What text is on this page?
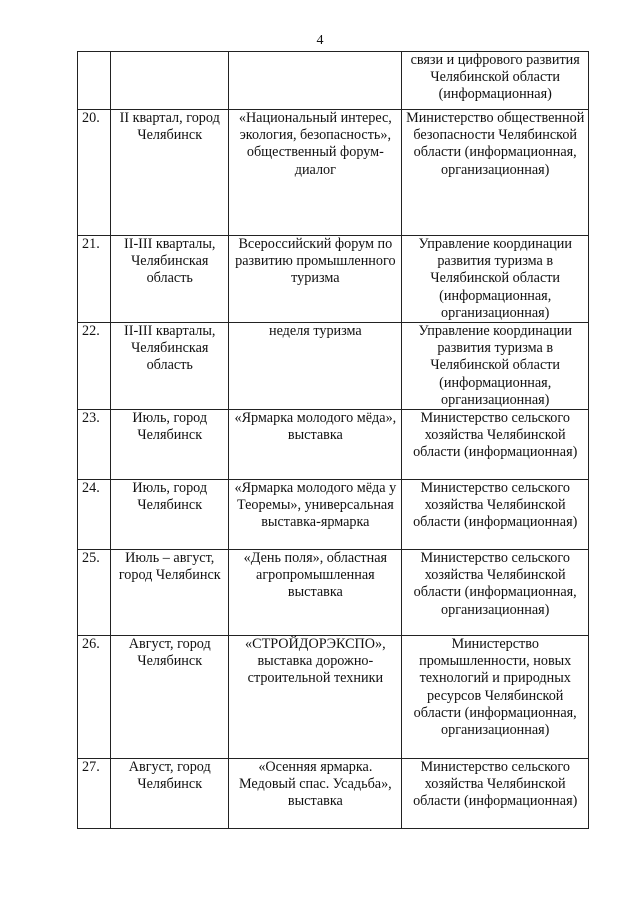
4
			связи и цифрового развития Челябинской области (информационная)
20.	II квартал, город Челябинск	«Национальный интерес, экология, безопасность», общественный форум-диалог	Министерство общественной безопасности Челябинской области (информационная, организационная)
21.	II-III кварталы, Челябинская область	Всероссийский форум по развитию промышленного туризма	Управление координации развития туризма в Челябинской области (информационная, организационная)
22.	II-III кварталы, Челябинская область	неделя туризма	Управление координации развития туризма в Челябинской области (информационная, организационная)
23.	Июль, город Челябинск	«Ярмарка молодого мёда», выставка	Министерство сельского хозяйства Челябинской области (информационная)
24.	Июль, город Челябинск	«Ярмарка молодого мёда у Теоремы», универсальная выставка-ярмарка	Министерство сельского хозяйства Челябинской области (информационная)
25.	Июль – август, город Челябинск	«День поля», областная агропромышленная выставка	Министерство сельского хозяйства Челябинской области (информационная, организационная)
26.	Август, город Челябинск	«СТРОЙДОРЭКСПО», выставка дорожно-строительной техники	Министерство промышленности, новых технологий и природных ресурсов Челябинской области (информационная, организационная)
27.	Август, город Челябинск	«Осенняя ярмарка. Медовый спас. Усадьба», выставка	Министерство сельского хозяйства Челябинской области (информационная)
